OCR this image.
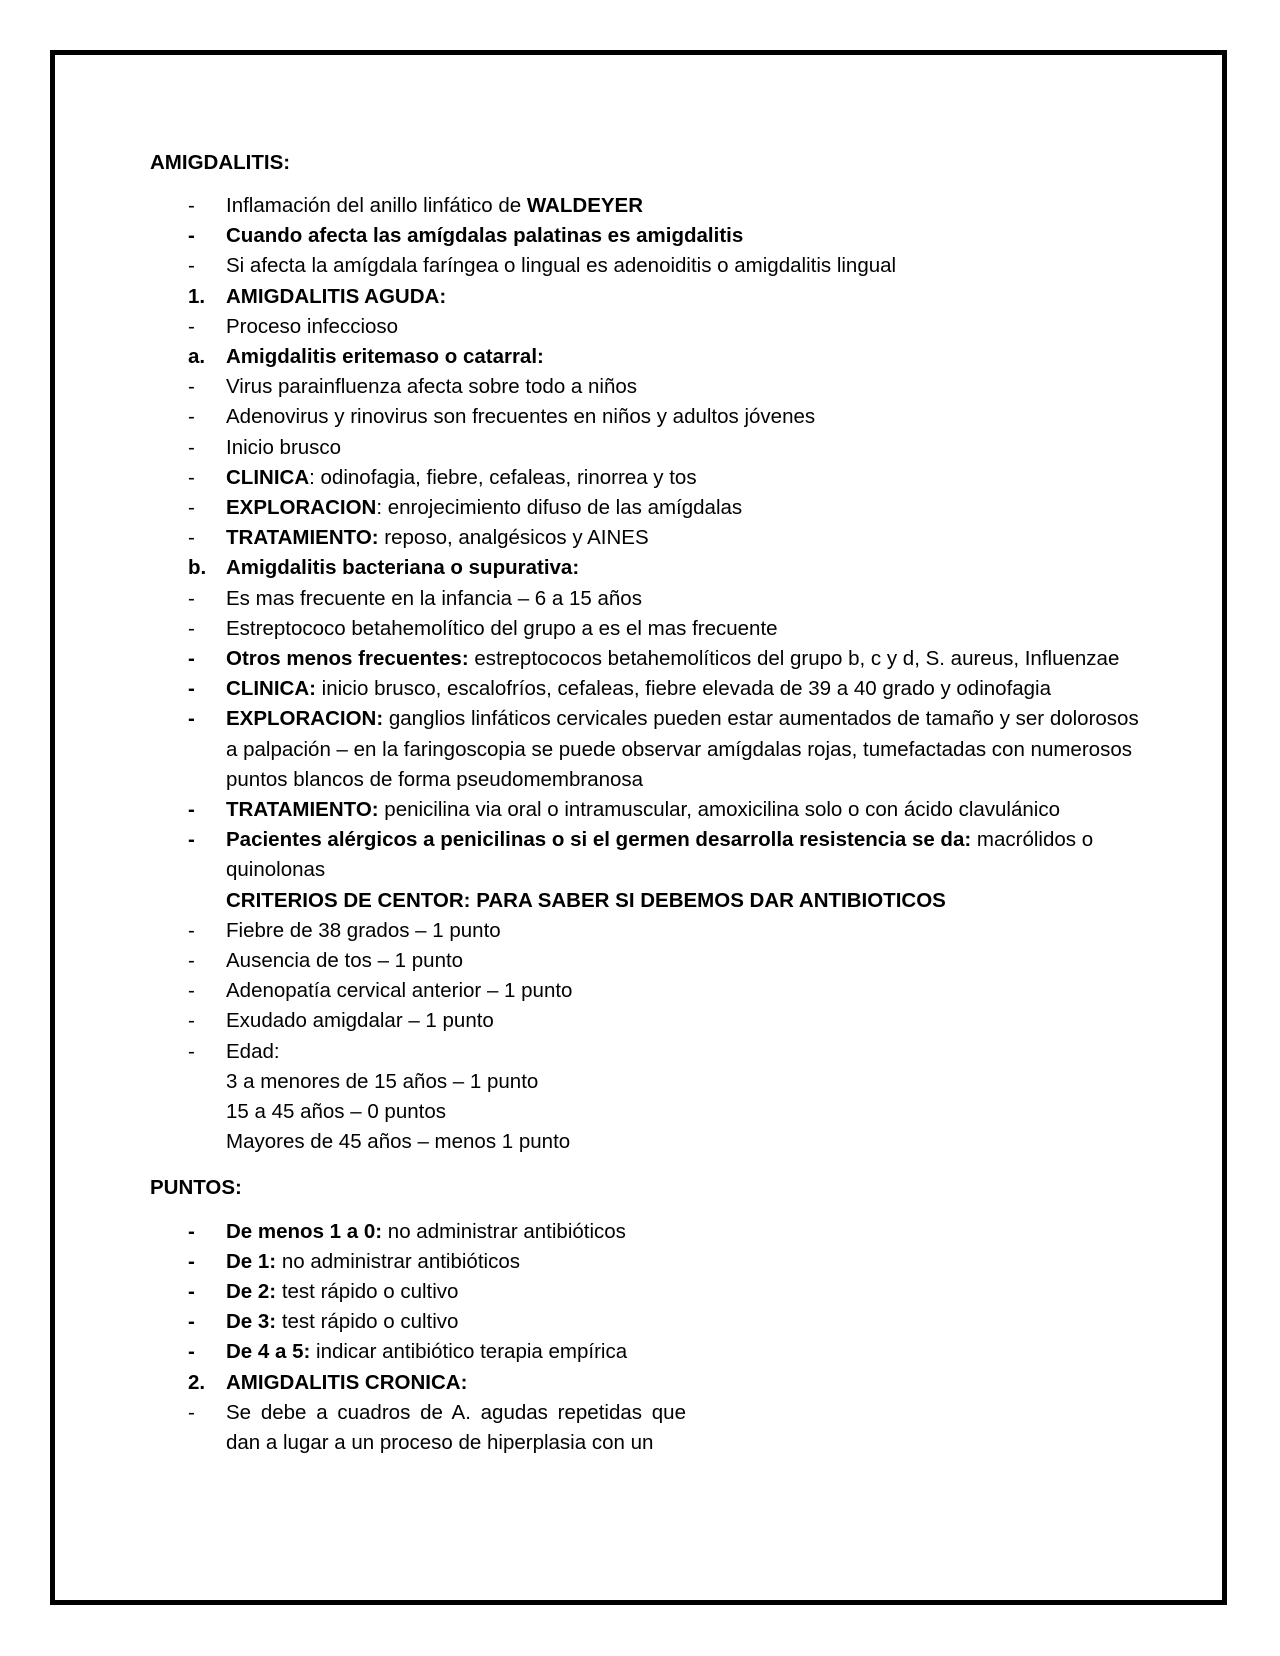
AMIGDALITIS:
-	Inflamación del anillo linfático de WALDEYER
-	Cuando afecta las amígdalas palatinas es amigdalitis
-	Si afecta la amígdala faríngea o lingual es adenoiditis o amigdalitis lingual
1.	AMIGDALITIS AGUDA:
-	Proceso infeccioso
a.	Amigdalitis eritemaso o catarral:
-	Virus parainfluenza afecta sobre todo a niños
-	Adenovirus y rinovirus son frecuentes en niños y adultos jóvenes
-	Inicio brusco
-	CLINICA: odinofagia, fiebre, cefaleas, rinorrea y tos
-	EXPLORACION: enrojecimiento difuso de las amígdalas
-	TRATAMIENTO: reposo, analgésicos y AINES
b. Amigdalitis bacteriana o supurativa:
-	Es mas frecuente en la infancia – 6 a 15 años
-	Estreptococo betahemolítico del grupo a es el mas frecuente
-	Otros menos frecuentes: estreptococos betahemolíticos del grupo b, c y d, S. aureus, Influenzae
-	CLINICA: inicio brusco, escalofríos, cefaleas, fiebre elevada de 39 a 40 grado y odinofagia
-	EXPLORACION: ganglios linfáticos cervicales pueden estar aumentados de tamaño y ser dolorosos a palpación – en la faringoscopia se puede observar amígdalas rojas, tumefactadas con numerosos puntos blancos de forma pseudomembranosa
-	TRATAMIENTO: penicilina via oral o intramuscular, amoxicilina solo o con ácido clavulánico
-	Pacientes alérgicos a penicilinas o si el germen desarrolla resistencia se da: macrólidos o quinolonas
CRITERIOS DE CENTOR: PARA SABER SI DEBEMOS DAR ANTIBIOTICOS
-	Fiebre de 38 grados – 1 punto
-	Ausencia de tos – 1 punto
-	Adenopatía cervical anterior – 1 punto
-	Exudado amigdalar – 1 punto
-	Edad:
3 a menores de 15 años – 1 punto
15 a 45 años – 0 puntos
Mayores de 45 años – menos 1 punto
PUNTOS:
-	De menos 1 a 0: no administrar antibióticos
-	De 1: no administrar antibióticos
-	De 2: test rápido o cultivo
-	De 3: test rápido o cultivo
-	De 4 a 5: indicar antibiótico terapia empírica
2.	AMIGDALITIS CRONICA:
-	Se debe a cuadros de A. agudas repetidas que dan a lugar a un proceso de hiperplasia con un
